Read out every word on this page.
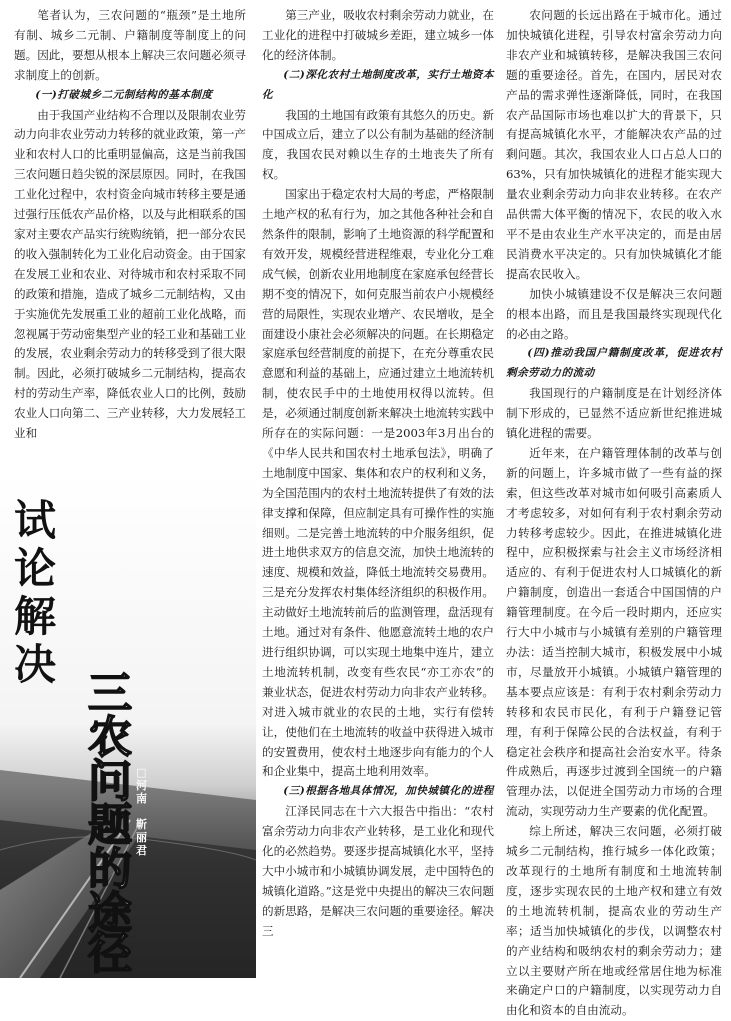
笔者认为，三农问题的“瓶颈”是土地所有制、城乡二元制、户籍制度等制度上的问题。因此，要想从根本上解决三农问题必须寻求制度上的创新。

(一)打破城乡二元制结构的基本制度

由于我国产业结构不合理以及限制农业劳动力向非农业劳动力转移的就业政策，第一产业和农村人口的比重明显偏高，这是当前我国三农问题日趋尖锐的深层原因。同时，在我国工业化过程中，农村资金向城市转移主要是通过强行压低农产品价格，以及与此相联系的国家对主要农产品实行统购统销，把一部分农民的收入强制转化为工业化启动资金。由于国家在发展工业和农业、对待城市和农村采取不同的政策和措施，造成了城乡二元制结构，又由于实施优先发展重工业的超前工业化战略，而忽视属于劳动密集型产业的轻工业和基础工业的发展，农业剩余劳动力的转移受到了很大限制。因此，必须打破城乡二元制结构，提高农村的劳动生产率，降低农业人口的比例，鼓励农业人口向第二、三产业转移，大力发展轻工业和

第三产业，吸收农村剩余劳动力就业，在工业化的进程中打破城乡差距，建立城乡一体化的经济体制。

(二)深化农村土地制度改革，实行土地资本化

我国的土地国有政策有其悠久的历史。新中国成立后，建立了以公有制为基础的经济制度，我国农民对赖以生存的土地丧失了所有权。

国家出于稳定农村大局的考虑，严格限制土地产权的私有行为，加之其他各种社会和自然条件的限制，影响了土地资源的科学配置和有效开发，规模经营进程维艰，专业化分工难成气候，创新农业用地制度在家庭承包经营长期不变的情况下，如何克服当前农户小规模经营的局限性，实现农业增产、农民增收，是全面建设小康社会必须解决的问题。在长期稳定家庭承包经营制度的前提下，在充分尊重农民意愿和利益的基础上，应通过建立土地流转机制，使农民手中的土地使用权得以流转。但是，必须通过制度创新来解决土地流转实践中所存在的实际问题：一是2003年3月出台的《中华人民共和国农村土地承包法》，明确了土地制度中国家、集体和农户的权利和义务，为全国范围内的农村土地流转提供了有效的法律支撑和保障，但应制定具有可操作性的实施细则。二是完善土地流转的中介服务组织，促进土地供求双方的信息交流，加快土地流转的速度、规模和效益，降低土地流转交易费用。三是充分发挥农村集体经济组织的积极作用。主动做好土地流转前后的监测管理，盘活现有土地。通过对有条件、他愿意流转土地的农户进行组织协调，可以实现土地集中连片，建立土地流转机制，改变有些农民“亦工亦农”的兼业状态，促进农村劳动力向非农产业转移。对进入城市就业的农民的土地，实行有偿转让，使他们在土地流转的收益中获得进入城市的安置费用，使农村土地逐步向有能力的个人和企业集中，提高土地利用效率。

(三)根据各地具体情况，加快城镇化的进程

江泽民同志在十六大报告中指出：“农村富余劳动力向非农产业转移，是工业化和现代化的必然趋势。要逐步提高城镇化水平，坚持大中小城市和小城镇协调发展，走中国特色的城镇化道路。”这是党中央提出的解决三农问题的新思路，是解决三农问题的重要途径。解决三

农问题的长远出路在于城市化。通过加快城镇化进程，引导农村富余劳动力向非农产业和城镇转移，是解决我国三农问题的重要途径。首先，在国内，居民对农产品的需求弹性逐渐降低，同时，在我国农产品国际市场也难以扩大的背景下，只有提高城镇化水平，才能解决农产品的过剩问题。其次，我国农业人口占总人口的63%，只有加快城镇化的进程才能实现大量农业剩余劳动力向非农业转移。在农产品供需大体平衡的情况下，农民的收入水平不是由农业生产水平决定的，而是由居民消费水平决定的。只有加快城镇化才能提高农民收入。

加快小城镇建设不仅是解决三农问题的根本出路，而且是我国最终实现现代化的必由之路。

(四)推动我国户籍制度改革，促进农村剩余劳动力的流动

我国现行的户籍制度是在计划经济体制下形成的，已显然不适应新世纪推进城镇化进程的需要。

近年来，在户籍管理体制的改革与创新的问题上，许多城市做了一些有益的探索，但这些改革对城市如何吸引高素质人才考虑较多，对如何有利于农村剩余劳动力转移考虑较少。因此，在推进城镇化进程中，应积极探索与社会主义市场经济相适应的、有利于促进农村人口城镇化的新户籍制度，创造出一套适合中国国情的户籍管理制度。在今后一段时期内，还应实行大中小城市与小城镇有差别的户籍管理办法：适当控制大城市，积极发展中小城市，尽量放开小城镇。小城镇户籍管理的基本要点应该是：有利于农村剩余劳动力转移和农民市民化，有利于户籍登记管理，有利于保障公民的合法权益，有利于稳定社会秩序和提高社会治安水平。待条件成熟后，再逐步过渡到全国统一的户籍管理办法，以促进全国劳动力市场的合理流动，实现劳动力生产要素的优化配置。

综上所述，解决三农问题，必须打破城乡二元制结构，推行城乡一体化政策；改革现行的土地所有制度和土地流转制度，逐步实现农民的土地产权和建立有效的土地流转机制，提高农业的劳动生产率；适当加快城镇化的步伐，以调整农村的产业结构和吸纳农村的剩余劳动力；建立以主要财产所在地或经常居住地为标准来确定户口的户籍制度，以实现劳动力自由化和资本的自由流动。

试
论
解
决
三
农
问
题
的
途
径
□
河
南

靳
丽
君
